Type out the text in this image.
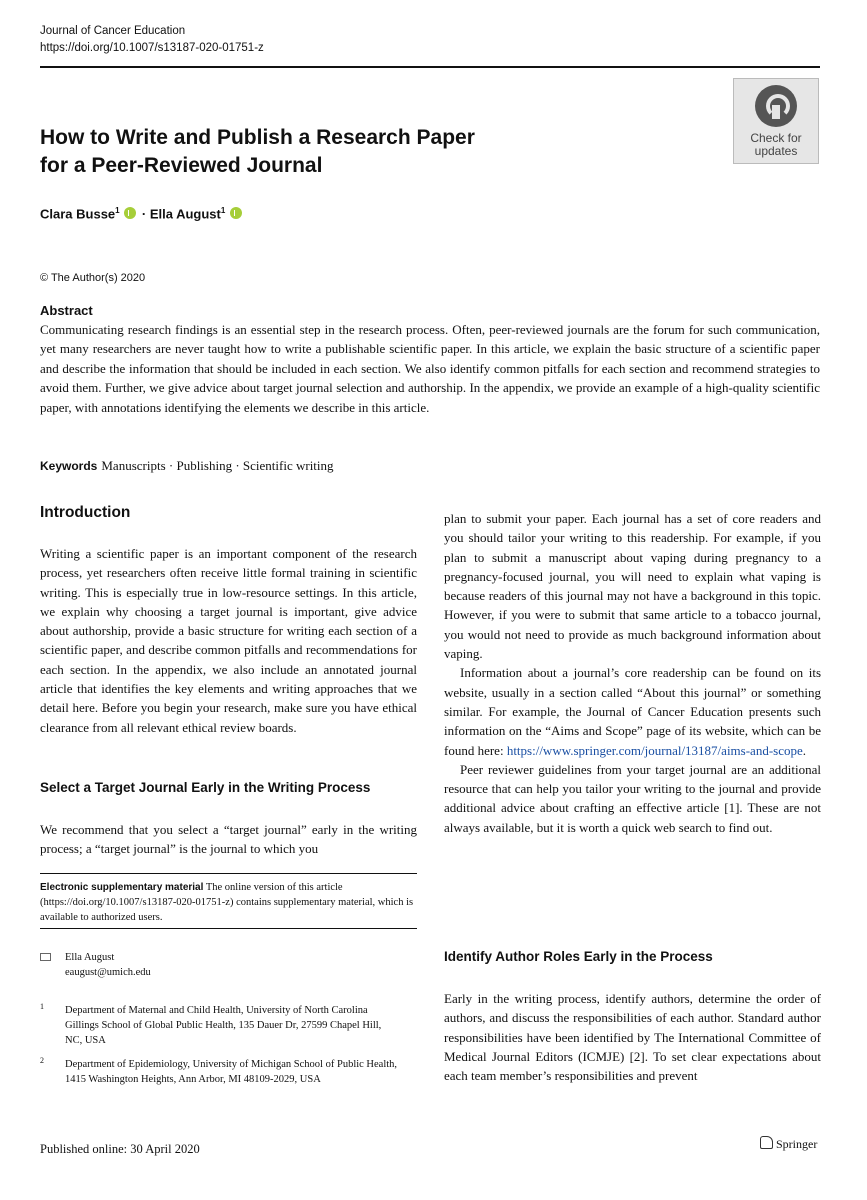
Journal of Cancer Education
https://doi.org/10.1007/s13187-020-01751-z
Check for
updates
How to Write and Publish a Research Paper
for a Peer-Reviewed Journal
Clara Busse$^1$ · Ella August$^1$
© The Author(s) 2020
Abstract
Communicating research findings is an essential step in the research process. Often, peer-reviewed journals are the forum for such communication, yet many researchers are never taught how to write a publishable scientific paper. In this article, we explain the basic structure of a scientific paper and describe the information that should be included in each section. We also identify common pitfalls for each section and recommend strategies to avoid them. Further, we give advice about target journal selection and authorship. In the appendix, we provide an example of a high-quality scientific paper, with annotations identifying the elements we describe in this article.
Keywords Manuscripts · Publishing · Scientific writing
Introduction
Writing a scientific paper is an important component of the research process, yet researchers often receive little formal training in scientific writing. This is especially true in low-resource settings. In this article, we explain why choosing a target journal is important, give advice about authorship, provide a basic structure for writing each section of a scientific paper, and describe common pitfalls and recommendations for each section. In the appendix, we also include an annotated journal article that identifies the key elements and writing approaches that we detail here. Before you begin your research, make sure you have ethical clearance from all relevant ethical review boards.
Select a Target Journal Early in the Writing Process
We recommend that you select a “target journal” early in the writing process; a “target journal” is the journal to which you
Electronic supplementary material The online version of this article (https://doi.org/10.1007/s13187-020-01751-z) contains supplementary material, which is available to authorized users.
Ella August
eaugust@umich.edu
1 Department of Maternal and Child Health, University of North Carolina Gillings School of Global Public Health, 135 Dauer Dr, 27599 Chapel Hill, NC, USA
2 Department of Epidemiology, University of Michigan School of Public Health, 1415 Washington Heights, Ann Arbor, MI 48109-2029, USA

plan to submit your paper. Each journal has a set of core readers and you should tailor your writing to this readership. For example, if you plan to submit a manuscript about vaping during pregnancy to a pregnancy-focused journal, you will need to explain what vaping is because readers of this journal may not have a background in this topic. However, if you were to submit that same article to a tobacco journal, you would not need to provide as much background information about vaping.

Information about a journal’s core readership can be found on its website, usually in a section called “About this journal” or something similar. For example, the Journal of Cancer Education presents such information on the “Aims and Scope” page of its website, which can be found here: https://www.springer.com/journal/13187/aims-and-scope.

Peer reviewer guidelines from your target journal are an additional resource that can help you tailor your writing to the journal and provide additional advice about crafting an effective article [1]. These are not always available, but it is worth a quick web search to find out.

Identify Author Roles Early in the Process
Early in the writing process, identify authors, determine the order of authors, and discuss the responsibilities of each author. Standard author responsibilities have been identified by The International Committee of Medical Journal Editors (ICMJE) [2]. To set clear expectations about each team member’s responsibilities and prevent
Published online: 30 April 2020	Springer
